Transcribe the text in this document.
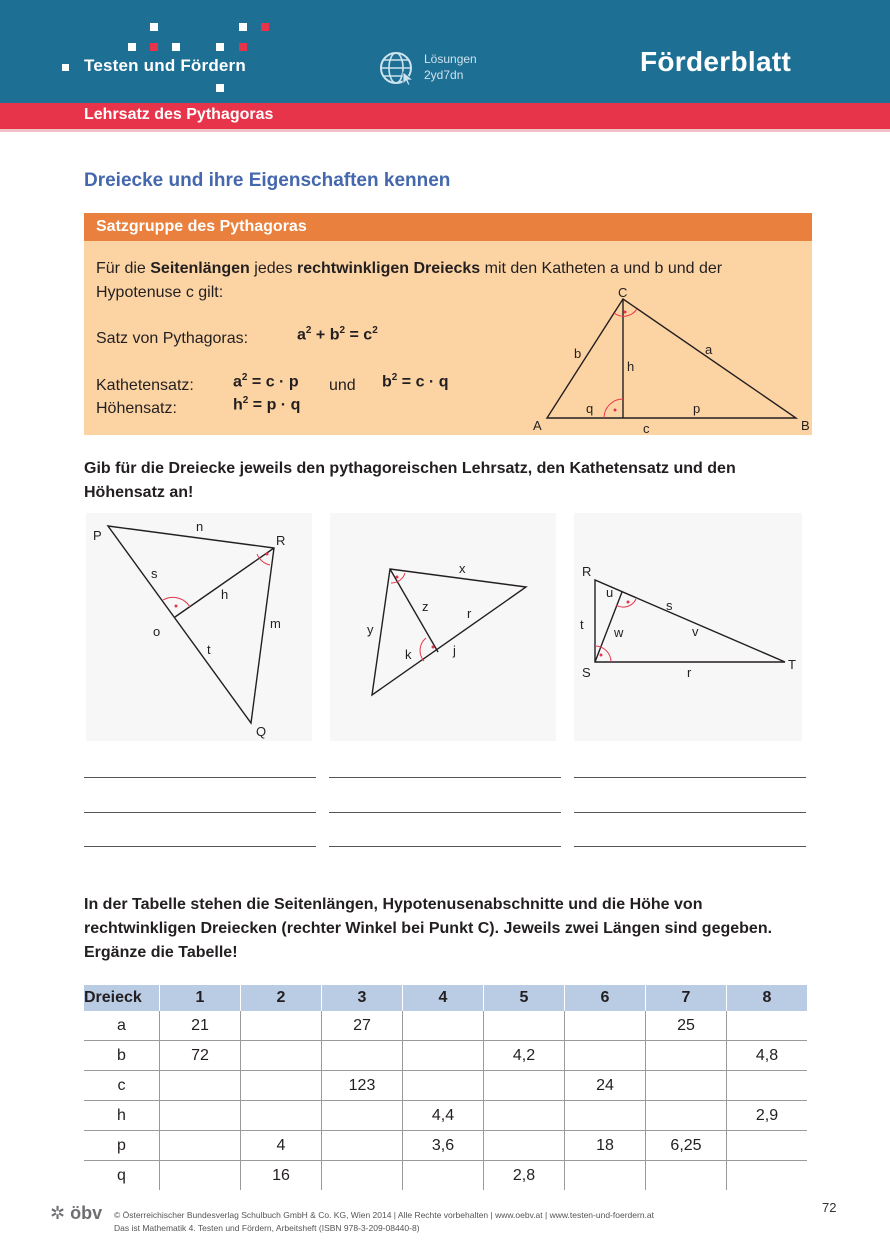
Testen und Fördern	Lösungen
2yd7dn	Förderblatt
Lehrsatz des Pythagoras
Dreiecke und ihre Eigenschaften kennen
Satzgruppe des Pythagoras
Für die Seitenlängen jedes rechtwinkligen Dreiecks mit den Katheten a und b und der
Hypotenuse c gilt:
Satz von Pythagoras:	$a^2 + b^2 = c^2$
Kathetensatz: $a^2 = c \cdot p$ und $b^2 = c \cdot q$
Höhensatz:	$h^2 = p \cdot q$
C
A	B
a
b
c
h
p
q
Gib für die Dreiecke jeweils den pythagoreischen Lehrsatz, den Kathetensatz und den Höhensatz an!
P	R
Q
n
s
h
o
m
t
x
y
z	r
k	j
R
S
T
u
s
t
w	v
r
In der Tabelle stehen die Seitenlängen, Hypotenusenabschnitte und die Höhe von rechtwinkligen Dreiecken (rechter Winkel bei Punkt C). Jeweils zwei Längen sind gegeben. Ergänze die Tabelle!
Dreieck	1	2	3	4	5	6	7	8
a	21		27				25	
b	72				4,2			4,8
c			123			24		
h				4,4				2,9
p		4		3,6		18	6,25	
q		16			2,8			
✲ öbv © Österreichischer Bundesverlag Schulbuch GmbH & Co. KG, Wien 2014 | Alle Rechte vorbehalten | www.oebv.at | www.testen-und-foerdern.at
Das ist Mathematik 4. Testen und Fördern, Arbeitsheft (ISBN 978-3-209-08440-8)
72
